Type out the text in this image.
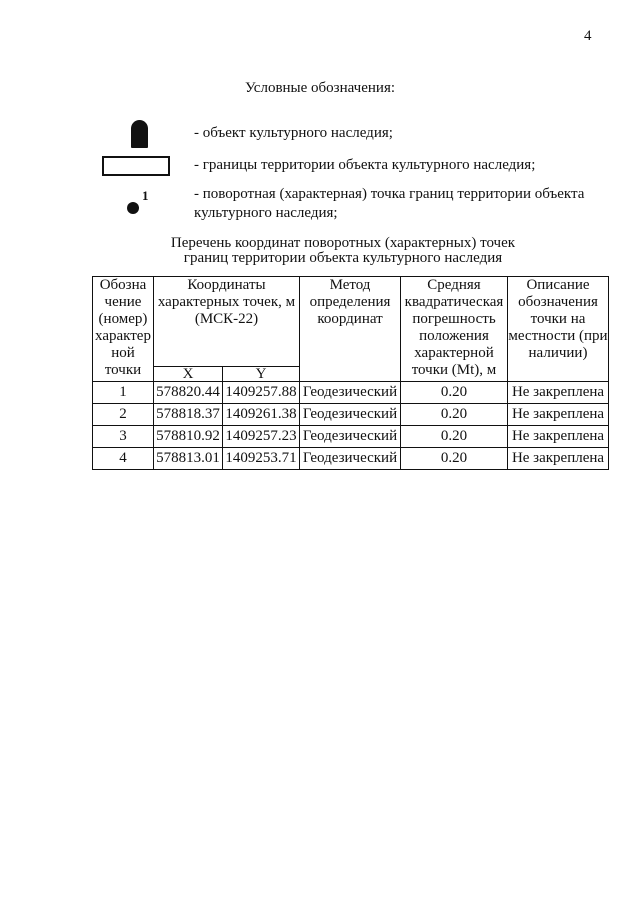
4
Условные обозначения:
- объект культурного наследия;
- границы территории объекта культурного наследия;
1	- поворотная (характерная) точка границ территории объекта культурного наследия;
Перечень координат поворотных (характерных) точек

границ территории объекта культурного наследия
Обозна чение (номер) характер ной точки	Координаты характерных точек, м (МСК-22)		Метод определения координат	Средняя квадратическая погрешность положения характерной точки (Mt), м	Описание обозначения точки на местности (при наличии)
	X	Y			
1	578820.44	1409257.88	Геодезический	0.20	Не закреплена
2	578818.37	1409261.38	Геодезический	0.20	Не закреплена
3	578810.92	1409257.23	Геодезический	0.20	Не закреплена
4	578813.01	1409253.71	Геодезический	0.20	Не закреплена
